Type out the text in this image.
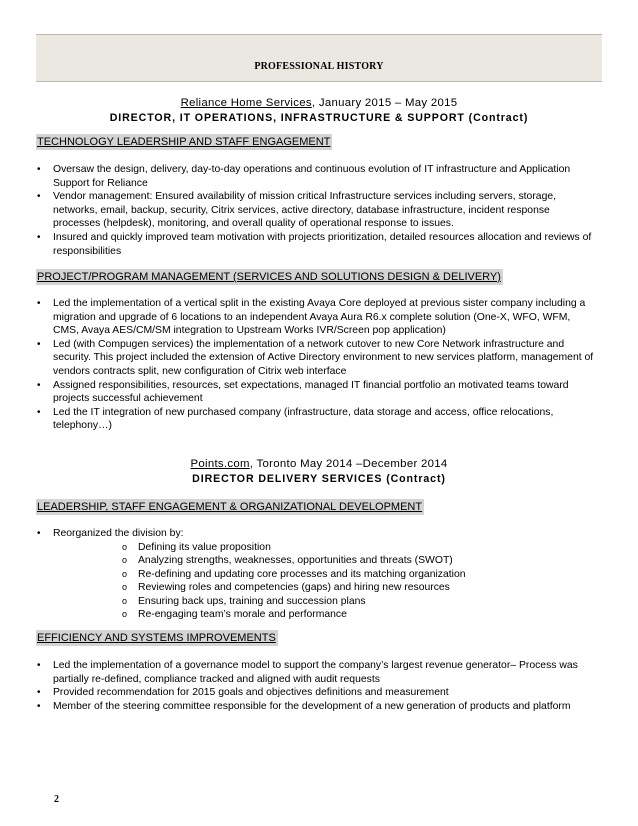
PROFESSIONAL HISTORY
Reliance Home Services, January 2015 – May 2015
DIRECTOR, IT OPERATIONS, INFRASTRUCTURE & SUPPORT (Contract)
TECHNOLOGY LEADERSHIP AND STAFF ENGAGEMENT
• Oversaw the design, delivery, day-to-day operations and continuous evolution of IT infrastructure and Application Support for Reliance
• Vendor management: Ensured availability of mission critical Infrastructure services including servers, storage, networks, email, backup, security, Citrix services, active directory, database infrastructure, incident response processes (helpdesk), monitoring, and overall quality of operational response to issues.
• Insured and quickly improved team motivation with projects prioritization, detailed resources allocation and reviews of responsibilities
PROJECT/PROGRAM MANAGEMENT (SERVICES AND SOLUTIONS DESIGN & DELIVERY)
• Led the implementation of a vertical split in the existing Avaya Core deployed at previous sister company including a migration and upgrade of 6 locations to an independent Avaya Aura R6.x complete solution (One-X, WFO, WFM, CMS, Avaya AES/CM/SM integration to Upstream Works IVR/Screen pop application)
• Led (with Compugen services) the implementation of a network cutover to new Core Network infrastructure and security. This project included the extension of Active Directory environment to new services platform, management of vendors contracts split, new configuration of Citrix web interface
• Assigned responsibilities, resources, set expectations, managed IT financial portfolio an motivated teams toward projects successful achievement
• Led the IT integration of new purchased company (infrastructure, data storage and access, office relocations, telephony…)
Points.com, Toronto May 2014 –December 2014
DIRECTOR DELIVERY SERVICES (Contract)
LEADERSHIP, STAFF ENGAGEMENT & ORGANIZATIONAL DEVELOPMENT
• Reorganized the division by:
o Defining its value proposition
o Analyzing strengths, weaknesses, opportunities and threats (SWOT)
o Re-defining and updating core processes and its matching organization
o Reviewing roles and competencies (gaps) and hiring new resources
o Ensuring back ups, training and succession plans
o Re-engaging team’s morale and performance
EFFICIENCY AND SYSTEMS IMPROVEMENTS
• Led the implementation of a governance model to support the company’s largest revenue generator– Process was partially re-defined, compliance tracked and aligned with audit requests
• Provided recommendation for 2015 goals and objectives definitions and measurement
• Member of the steering committee responsible for the development of a new generation of products and platform
2
